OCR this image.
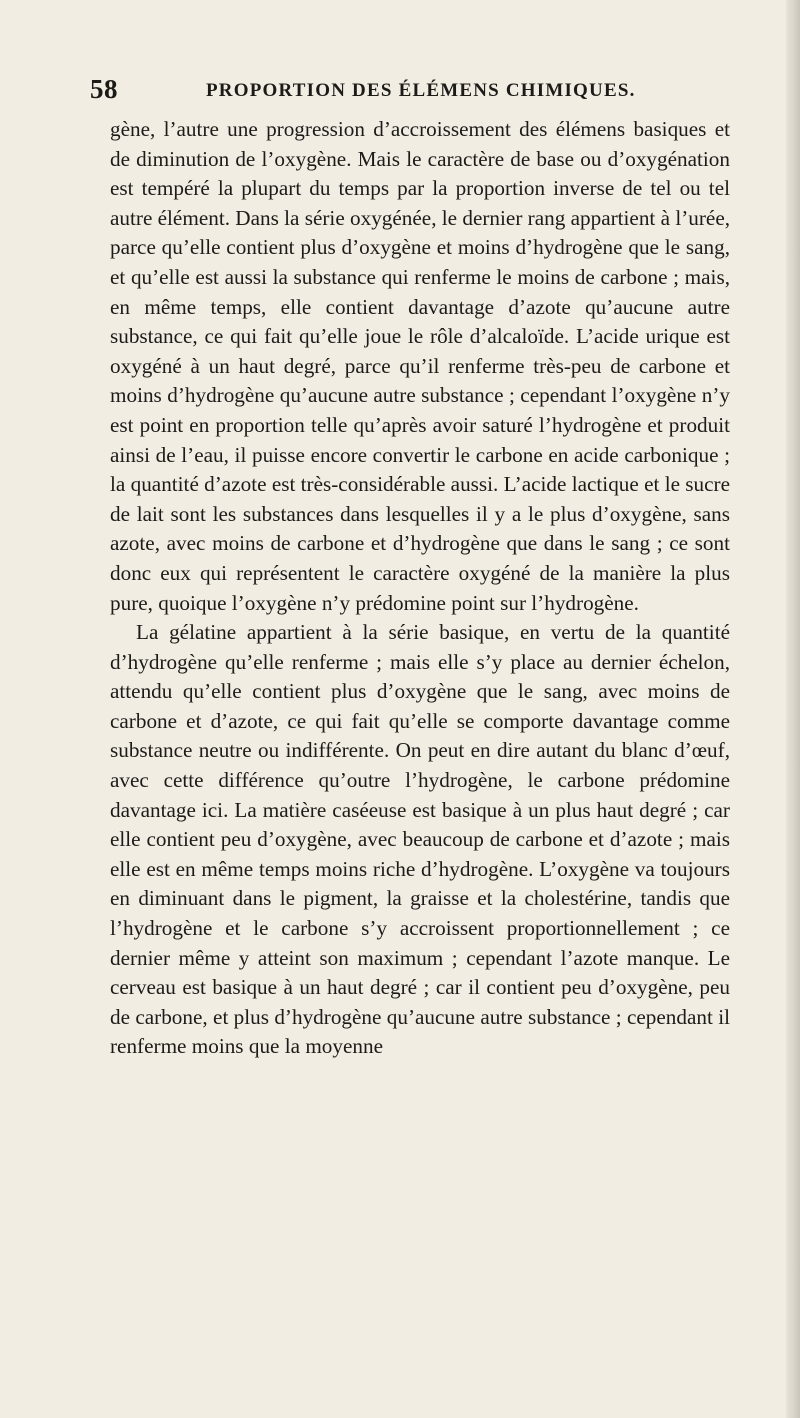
58	PROPORTION DES ÉLÉMENS CHIMIQUES.

gène, l’autre une progression d’accroissement des élémens basiques et de diminution de l’oxygène. Mais le caractère de base ou d’oxygénation est tempéré la plupart du temps par la proportion inverse de tel ou tel autre élément. Dans la série oxygénée, le dernier rang appartient à l’urée, parce qu’elle contient plus d’oxygène et moins d’hydrogène que le sang, et qu’elle est aussi la substance qui renferme le moins de carbone ; mais, en même temps, elle contient davantage d’azote qu’aucune autre substance, ce qui fait qu’elle joue le rôle d’alcaloïde. L’acide urique est oxygéné à un haut degré, parce qu’il renferme très-peu de carbone et moins d’hydrogène qu’aucune autre substance ; cependant l’oxygène n’y est point en proportion telle qu’après avoir saturé l’hydrogène et produit ainsi de l’eau, il puisse encore convertir le carbone en acide carbonique ; la quantité d’azote est très-considérable aussi. L’acide lactique et le sucre de lait sont les substances dans lesquelles il y a le plus d’oxygène, sans azote, avec moins de carbone et d’hydrogène que dans le sang ; ce sont donc eux qui représentent le caractère oxygéné de la manière la plus pure, quoique l’oxygène n’y prédomine point sur l’hydrogène.

La gélatine appartient à la série basique, en vertu de la quantité d’hydrogène qu’elle renferme ; mais elle s’y place au dernier échelon, attendu qu’elle contient plus d’oxygène que le sang, avec moins de carbone et d’azote, ce qui fait qu’elle se comporte davantage comme substance neutre ou indifférente. On peut en dire autant du blanc d’œuf, avec cette différence qu’outre l’hydrogène, le carbone prédomine davantage ici. La matière caséeuse est basique à un plus haut degré ; car elle contient peu d’oxygène, avec beaucoup de carbone et d’azote ; mais elle est en même temps moins riche d’hydrogène. L’oxygène va toujours en diminuant dans le pigment, la graisse et la cholestérine, tandis que l’hydrogène et le carbone s’y accroissent proportionnellement ; ce dernier même y atteint son maximum ; cependant l’azote manque. Le cerveau est basique à un haut degré ; car il contient peu d’oxygène, peu de carbone, et plus d’hydrogène qu’aucune autre substance ; cependant il renferme moins que la moyenne
